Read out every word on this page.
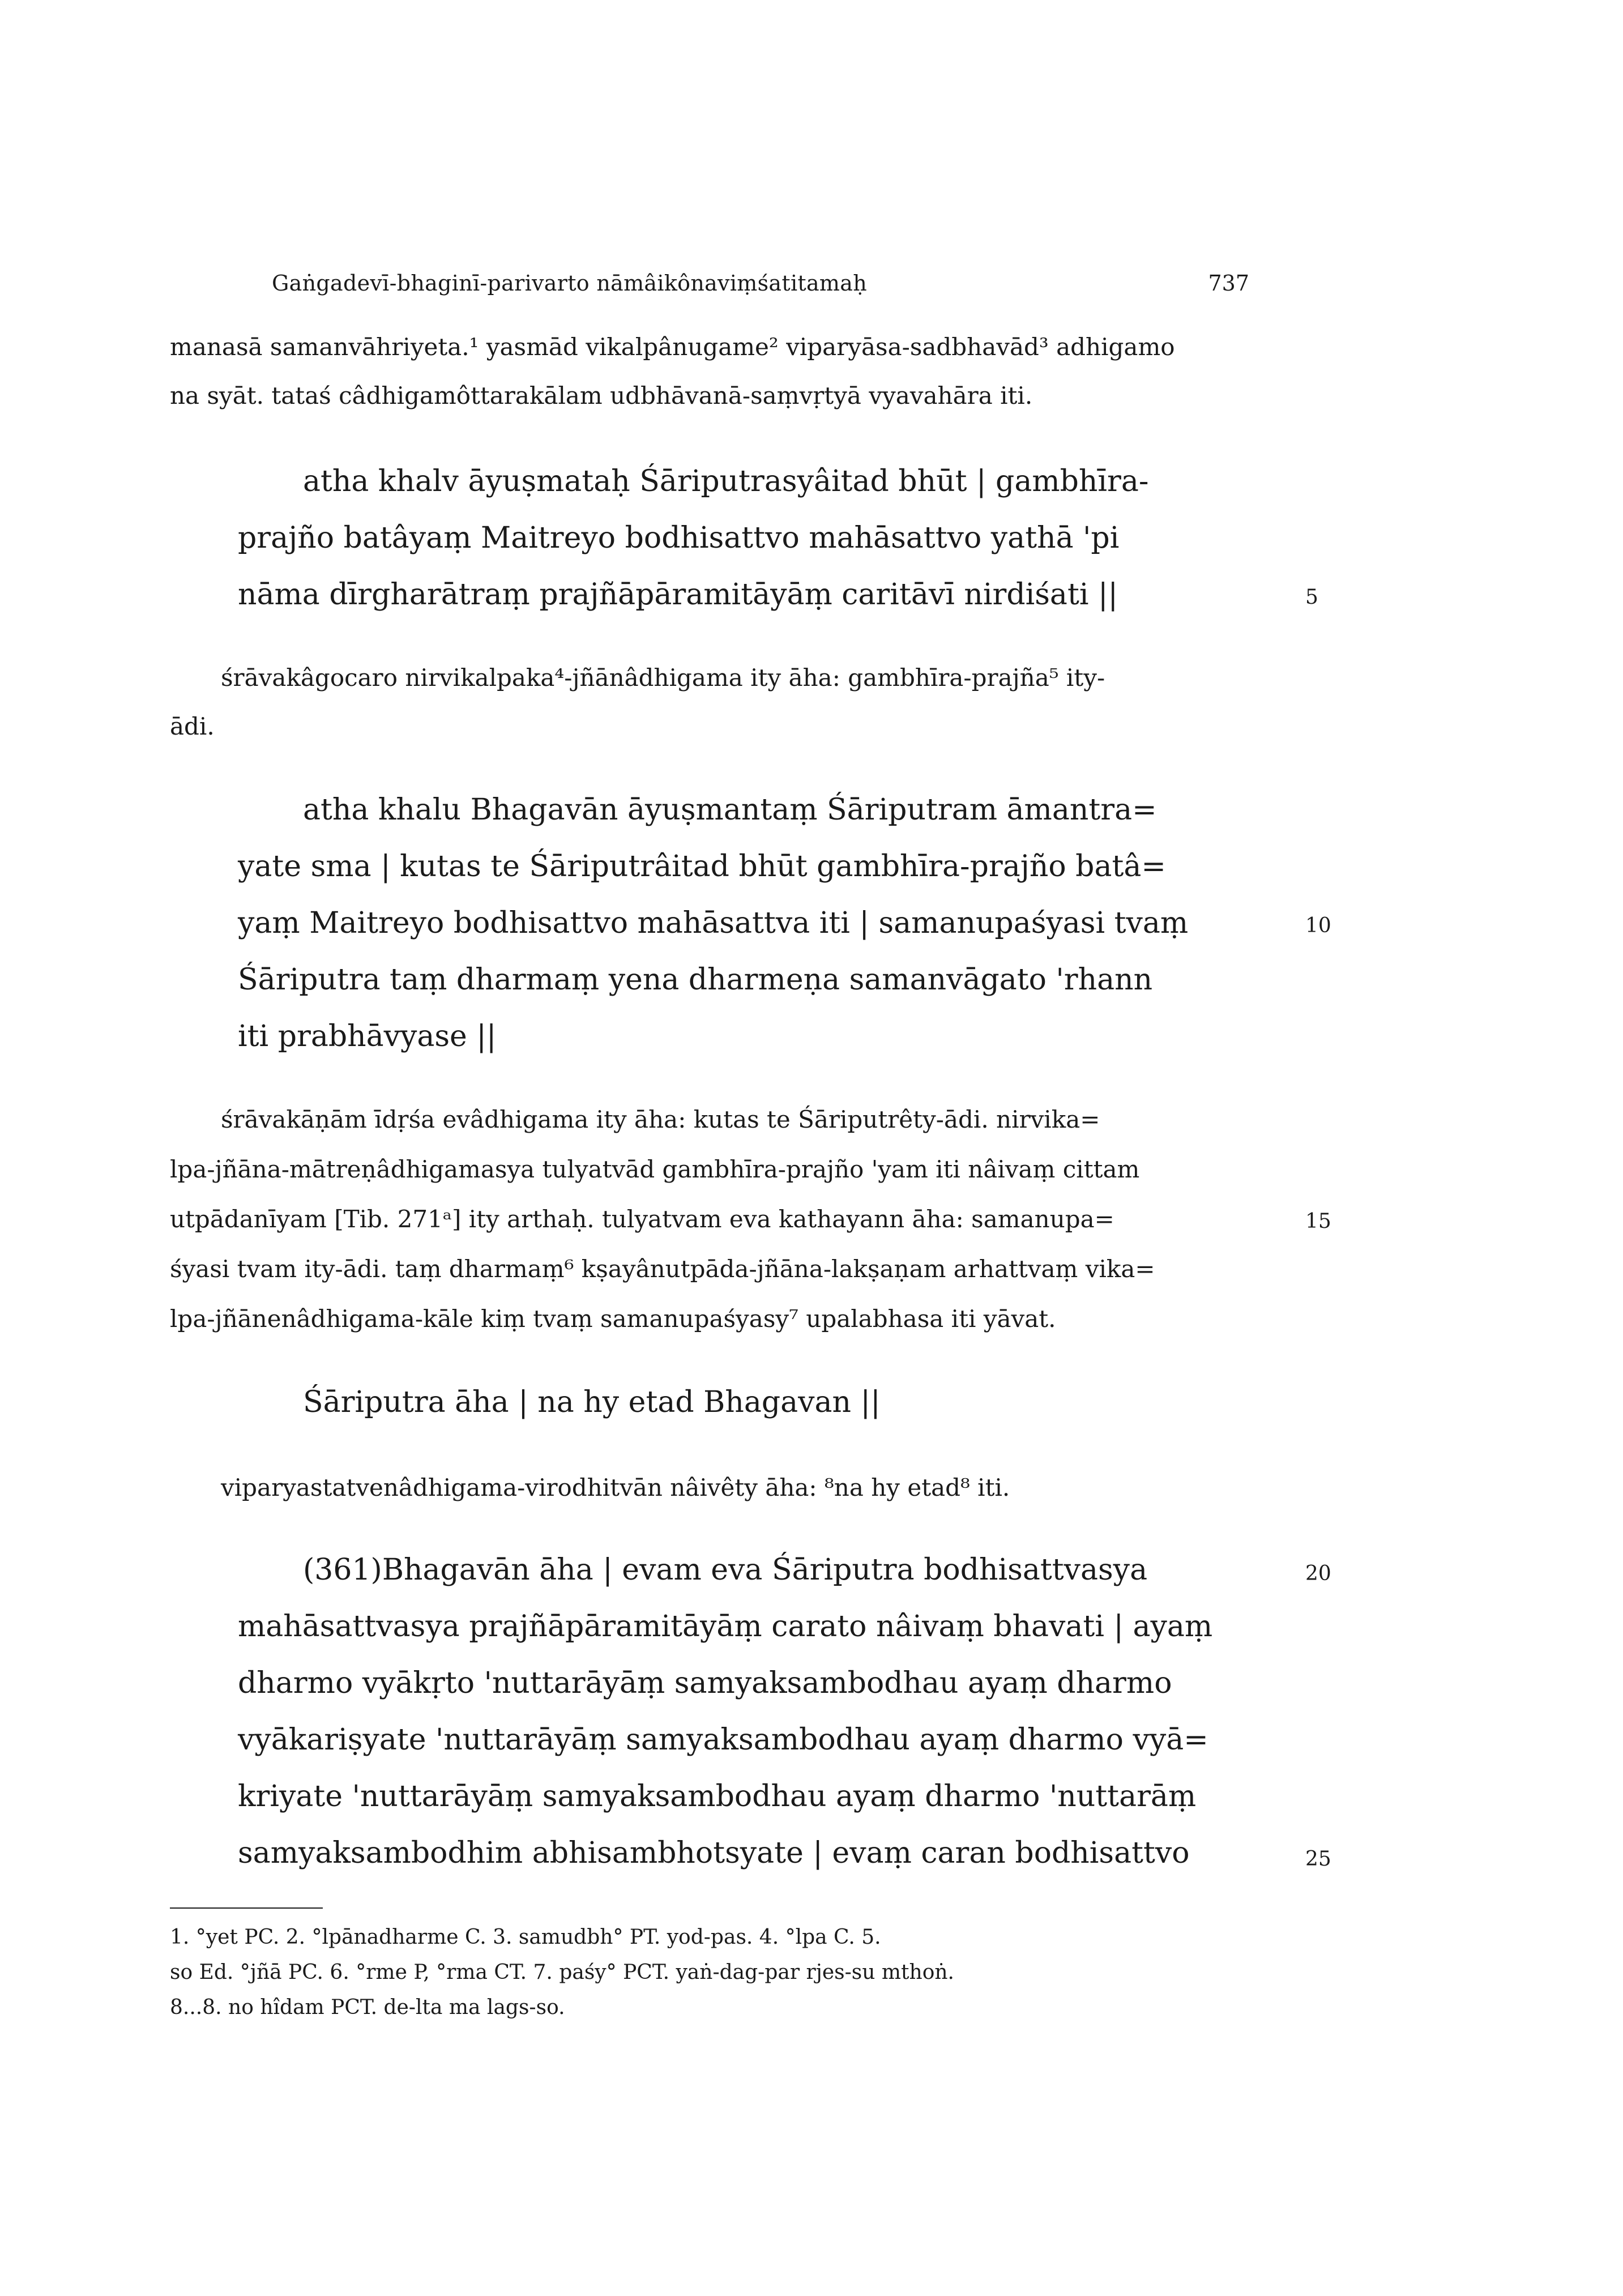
Gaṅgadevī-bhaginī-parivarto nāmâikônaviṃśatitamaḥ	737
manasā samanvāhriyeta.¹ yasmād vikalpânugame² viparyāsa-sadbhavād³ adhigamo
na syāt. tataś câdhigamôttarakālam udbhāvanā-saṃvṛtyā vyavahāra iti.
atha khalv āyuṣmataḥ Śāriputrasyâitad bhūt | gambhīra-
prajño batâyaṃ Maitreyo bodhisattvo mahāsattvo yathā 'pi
nāma dīrgharātraṃ prajñāpāramitāyāṃ caritāvī nirdiśati ||	5
śrāvakâgocaro nirvikalpaka⁴-jñānâdhigama ity āha: gambhīra-prajña⁵ ity-
ādi.
atha khalu Bhagavān āyuṣmantaṃ Śāriputram āmantra=
yate sma | kutas te Śāriputrâitad bhūt gambhīra-prajño batâ=
yaṃ Maitreyo bodhisattvo mahāsattva iti | samanupaśyasi tvaṃ	10
Śāriputra taṃ dharmaṃ yena dharmeṇa samanvāgato 'rhann
iti prabhāvyase ||
śrāvakāṇām īdṛśa evâdhigama ity āha: kutas te Śāriputrêty-ādi. nirvika=
lpa-jñāna-mātreṇâdhigamasya tulyatvād gambhīra-prajño 'yam iti nâivaṃ cittam
utpādanīyam [Tib. 271ᵃ] ity arthaḥ. tulyatvam eva kathayann āha: samanupa=	15
śyasi tvam ity-ādi. taṃ dharmaṃ⁶ kṣayânutpāda-jñāna-lakṣaṇam arhattvaṃ vika=
lpa-jñānenâdhigama-kāle kiṃ tvaṃ samanupaśyasy⁷ upalabhasa iti yāvat.
Śāriputra āha | na hy etad Bhagavan ||
viparyastatvenâdhigama-virodhitvān nâivêty āha: ⁸na hy etad⁸ iti.
(361)Bhagavān āha | evam eva Śāriputra bodhisattvasya	20
mahāsattvasya prajñāpāramitāyāṃ carato nâivaṃ bhavati | ayaṃ
dharmo vyākṛto 'nuttarāyāṃ samyaksambodhau ayaṃ dharmo
vyākariṣyate 'nuttarāyāṃ samyaksambodhau ayaṃ dharmo vyā=
kriyate 'nuttarāyāṃ samyaksambodhau ayaṃ dharmo 'nuttarāṃ
samyaksambodhim abhisambhotsyate | evaṃ caran bodhisattvo	25
1. °yet PC. 2. °lpānadharme C. 3. samudbh° PT. yod-pas. 4. °lpa C. 5.
so Ed. °jñā PC. 6. °rme P, °rma CT. 7. paśy° PCT. yaṅ-dag-par rjes-su mthoṅ.
8...8. no hîdam PCT. de-lta ma lags-so.
